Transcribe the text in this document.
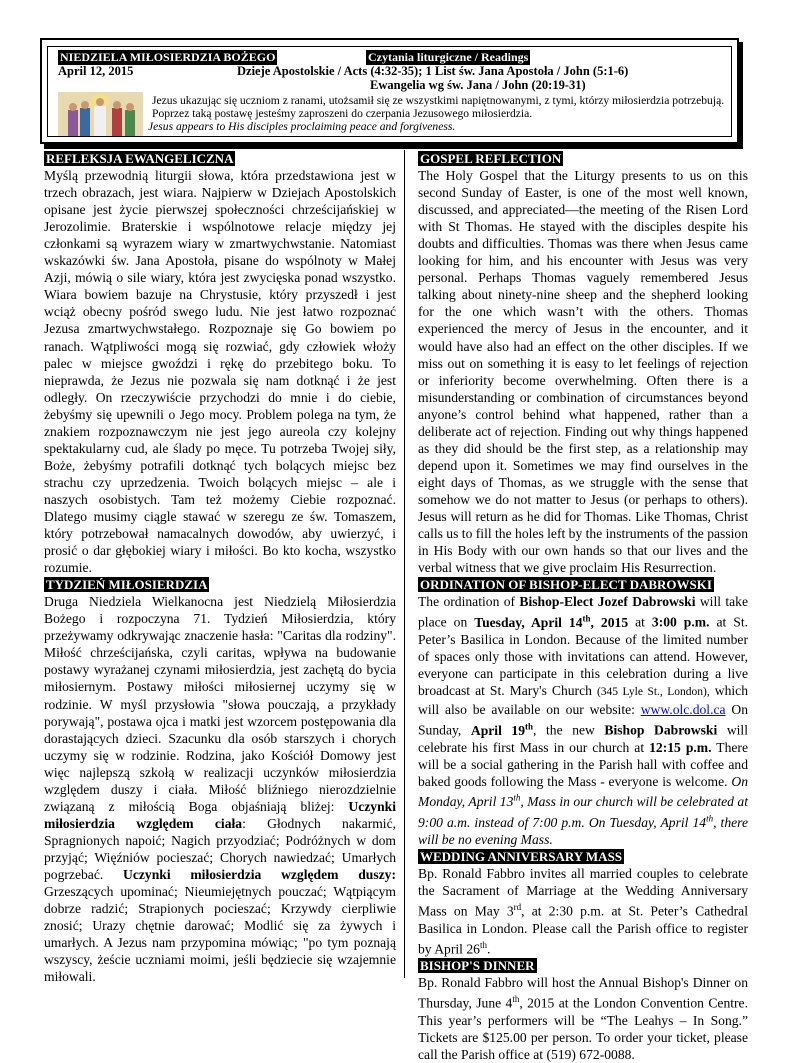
NIEDZIELA MIŁOSIERDZIA BOŻEGO	Czytania liturgiczne / Readings
April 12, 2015	Dzieje Apostolskie / Acts (4:32-35); 1 List św. Jana Apostoła / John (5:1-6)
Ewangelia wg św. Jana / John (20:19-31)
Jezus ukazując się uczniom z ranami, utożsamił się ze wszystkimi napiętnowanymi, z tymi, którzy miłosierdzia potrzebują. Poprzez taką postawę jesteśmy zaproszeni do czerpania Jezusowego miłosierdzia.
Jesus appears to His disciples proclaiming peace and forgiveness.
REFLEKSJA EWANGELICZNA

Myślą przewodnią liturgii słowa, która przedstawiona jest w trzech obrazach, jest wiara. Najpierw w Dziejach Apostolskich opisane jest życie pierwszej społeczności chrześcijańskiej w Jerozolimie. Braterskie i wspólnotowe relacje między jej członkami są wyrazem wiary w zmartwychwstanie. Natomiast wskazówki św. Jana Apostoła, pisane do wspólnoty w Małej Azji, mówią o sile wiary, która jest zwycięska ponad wszystko. Wiara bowiem bazuje na Chrystusie, który przyszedł i jest wciąż obecny pośród swego ludu. Nie jest łatwo rozpoznać Jezusa zmartwychwstałego. Rozpoznaje się Go bowiem po ranach. Wątpliwości mogą się rozwiać, gdy człowiek włoży palec w miejsce gwoździ i rękę do przebitego boku. To nieprawda, że Jezus nie pozwala się nam dotknąć i że jest odległy. On rzeczywiście przychodzi do mnie i do ciebie, żebyśmy się upewnili o Jego mocy. Problem polega na tym, że znakiem rozpoznawczym nie jest jego aureola czy kolejny spektakularny cud, ale ślady po męce. Tu potrzeba Twojej siły, Boże, żebyśmy potrafili dotknąć tych bolących miejsc bez strachu czy uprzedzenia. Twoich bolących miejsc – ale i naszych osobistych. Tam też możemy Ciebie rozpoznać. Dlatego musimy ciągle stawać w szeregu ze św. Tomaszem, który potrzebował namacalnych dowodów, aby uwierzyć, i prosić o dar głębokiej wiary i miłości. Bo kto kocha, wszystko rozumie.

TYDZIEŃ MIŁOSIERDZIA

Druga Niedziela Wielkanocna jest Niedzielą Miłosierdzia Bożego i rozpoczyna 71. Tydzień Miłosierdzia, który przeżywamy odkrywając znaczenie hasła: "Caritas dla rodziny". Miłość chrześcijańska, czyli caritas, wpływa na budowanie postawy wyrażanej czynami miłosierdzia, jest zachętą do bycia miłosiernym. Postawy miłości miłosiernej uczymy się w rodzinie. W myśl przysłowia "słowa pouczają, a przykłady porywają", postawa ojca i matki jest wzorcem postępowania dla dorastających dzieci. Szacunku dla osób starszych i chorych uczymy się w rodzinie. Rodzina, jako Kościół Domowy jest więc najlepszą szkołą w realizacji uczynków miłosierdzia względem duszy i ciała. Miłość bliźniego nierozdzielnie związaną z miłością Boga objaśniają bliżej: Uczynki miłosierdzia względem ciała: Głodnych nakarmić, Spragnionych napoić; Nagich przyodziać; Podróżnych w dom przyjąć; Więźniów pocieszać; Chorych nawiedzać; Umarłych pogrzebać. Uczynki miłosierdzia względem duszy: Grzeszących upominać; Nieumiejętnych pouczać; Wątpiącym dobrze radzić; Strapionych pocieszać; Krzywdy cierpliwie znosić; Urazy chętnie darować; Modlić się za żywych i umarłych. A Jezus nam przypomina mówiąc; "po tym poznają wszyscy, żeście uczniami moimi, jeśli będziecie się wzajemnie miłowali.

GOSPEL REFLECTION

The Holy Gospel that the Liturgy presents to us on this second Sunday of Easter, is one of the most well known, discussed, and appreciated—the meeting of the Risen Lord with St Thomas. He stayed with the disciples despite his doubts and difficulties. Thomas was there when Jesus came looking for him, and his encounter with Jesus was very personal. Perhaps Thomas vaguely remembered Jesus talking about ninety-nine sheep and the shepherd looking for the one which wasn’t with the others. Thomas experienced the mercy of Jesus in the encounter, and it would have also had an effect on the other disciples. If we miss out on something it is easy to let feelings of rejection or inferiority become overwhelming. Often there is a misunderstanding or combination of circumstances beyond anyone’s control behind what happened, rather than a deliberate act of rejection. Finding out why things happened as they did should be the first step, as a relationship may depend upon it. Sometimes we may find ourselves in the eight days of Thomas, as we struggle with the sense that somehow we do not matter to Jesus (or perhaps to others). Jesus will return as he did for Thomas. Like Thomas, Christ calls us to fill the holes left by the instruments of the passion in His Body with our own hands so that our lives and the verbal witness that we give proclaim His Resurrection.

ORDINATION OF BISHOP-ELECT DABROWSKI

The ordination of Bishop-Elect Jozef Dabrowski will take place on Tuesday, April 14th, 2015 at 3:00 p.m. at St. Peter’s Basilica in London. Because of the limited number of spaces only those with invitations can attend. However, everyone can participate in this celebration during a live broadcast at St. Mary's Church (345 Lyle St., London), which will also be available on our website: www.olc.dol.ca On Sunday, April 19th, the new Bishop Dabrowski will celebrate his first Mass in our church at 12:15 p.m. There will be a social gathering in the Parish hall with coffee and baked goods following the Mass - everyone is welcome. On Monday, April 13th, Mass in our church will be celebrated at 9:00 a.m. instead of 7:00 p.m. On Tuesday, April 14th, there will be no evening Mass.

WEDDING ANNIVERSARY MASS

Bp. Ronald Fabbro invites all married couples to celebrate the Sacrament of Marriage at the Wedding Anniversary Mass on May 3rd, at 2:30 p.m. at St. Peter’s Cathedral Basilica in London. Please call the Parish office to register by April 26th.

BISHOP'S DINNER

Bp. Ronald Fabbro will host the Annual Bishop's Dinner on Thursday, June 4th, 2015 at the London Convention Centre. This year’s performers will be “The Leahys – In Song.” Tickets are $125.00 per person. To order your ticket, please call the Parish office at (519) 672-0088.
